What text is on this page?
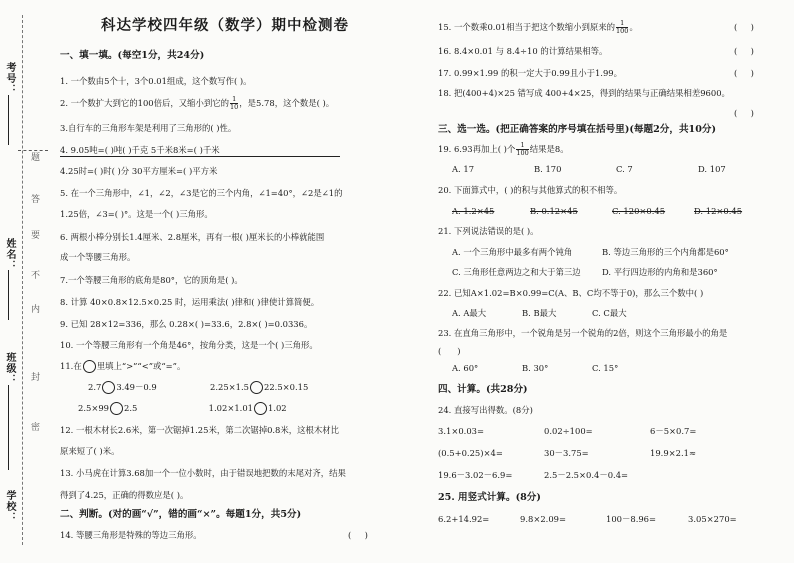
考号：
姓名：
班级：
学校：
题
答
要
不
内
封
密
科达学校四年级（数学）期中检测卷
一、填一填。(每空1分，共24分)
1. 一个数由5个十，3个0.01组成，这个数写作( )。
2. 一个数扩大到它的100倍后，又缩小到它的 $\frac{1}{10}$ ，是5.78，这个数是( )。
3.自行车的三角形车架是利用了三角形的( )性。
4. 9.05吨=( )吨( )千克 5千米8米=( )千米
4.25时=( )时( )分 30平方厘米=( )平方米
5. 在一个三角形中，∠1，∠2，∠3是它的三个内角，∠1=40°，∠2是∠1的
1.25倍，∠3=( )°。这是一个( )三角形。
6. 两根小棒分别长1.4厘米、2.8厘米，再有一根( )厘米长的小棒就能围
成一个等腰三角形。
7.一个等腰三角形的底角是80°，它的顶角是( )。
8. 计算 40×0.8×12.5×0.25 时，运用乘法( )律和( )律使计算简便。
9. 已知 28×12=336，那么 0.28×( )=33.6，2.8×( )=0.0336。
10. 一个等腰三角形有一个角是46°，按角分类，这是一个( )三角形。
11.在 里填上“>”“<”或“=”。
2.7 3.49－0.9	2.25×1.5 22.5×0.15
2.5×99 2.5	1.02×1.01 1.02
12. 一根木材长2.6米，第一次锯掉1.25米，第二次锯掉0.8米，这根木材比
原来短了( )米。
13. 小马虎在计算3.68加一个一位小数时，由于错误地把数的末尾对齐，结果
得到了4.25，正确的得数应是( )。
二、判断。(对的画“√”，错的画“×”。每题1分，共5分)
14. 等腰三角形是特殊的等边三角形。	(     )
15. 一个数乘0.01相当于把这个数缩小到原来的 $\frac{1}{100}$ 。	(     )
16. 8.4×0.01 与 8.4÷10 的计算结果相等。	(     )
17. 0.99×1.99 的积一定大于0.99且小于1.99。	(     )
18. 把(400+4)×25 错写成 400+4×25，得到的结果与正确结果相差9600。
(     )
三、选一选。(把正确答案的序号填在括号里)(每题2分，共10分)
19. 6.93再加上( )个 $\frac{1}{100}$ 结果是8。
A. 17	B. 170	C. 7	D. 107
20. 下面算式中，( )的积与其他算式的积不相等。
A. 1.2×45	B. 0.12×45	C. 120×0.45	D. 12×0.45
21. 下列说法错误的是( )。
A. 一个三角形中最多有两个钝角	B. 等边三角形的三个内角都是60°
C. 三角形任意两边之和大于第三边	D. 平行四边形的内角和是360°
22. 已知A×1.02=B×0.99=C(A、B、C均不等于0)，那么三个数中( )
A. A最大	B. B最大	C. C最大
23. 在直角三角形中，一个锐角是另一个锐角的2倍，则这个三角形最小的角是
(      )
A. 60°	B. 30°	C. 15°
四、计算。(共28分)
24. 直接写出得数。(8分)
3.1×0.03=	0.02÷100=	6－5×0.7=
(0.5+0.25)×4=	30－3.75=	19.9×2.1≈
19.6－3.02－6.9=	2.5－2.5×0.4－0.4=
25. 用竖式计算。(8分)
6.2+14.92=	9.8×2.09=	100－8.96=	3.05×270=
